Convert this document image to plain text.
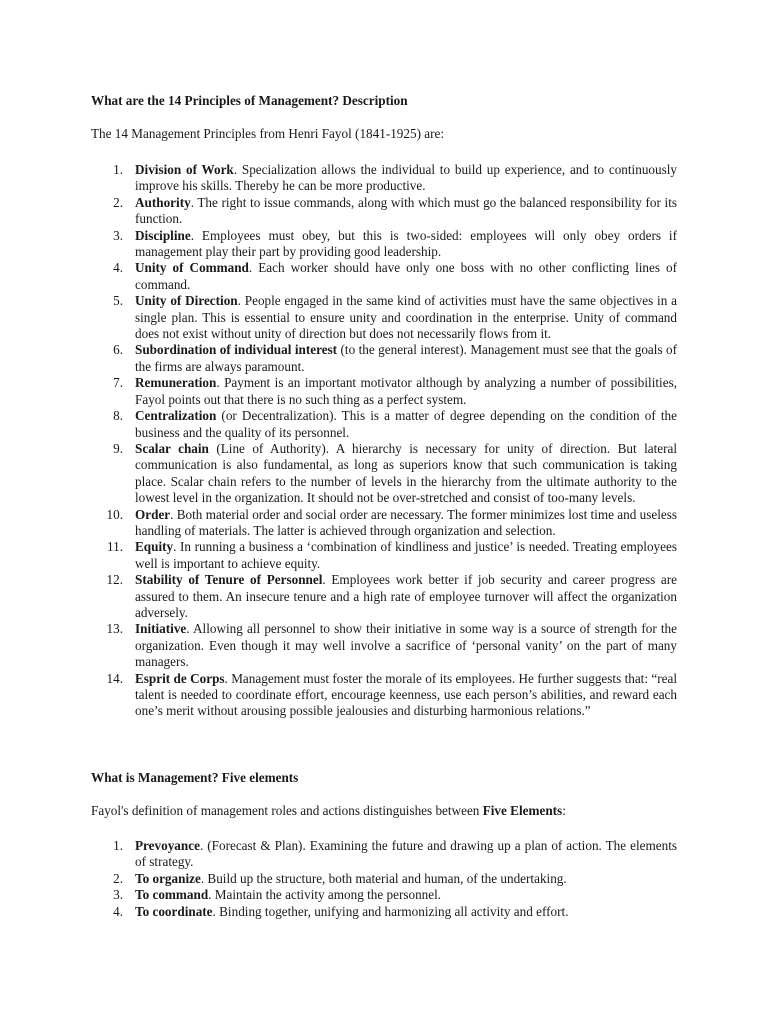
What are the 14 Principles of Management? Description

The 14 Management Principles from Henri Fayol (1841-1925) are:

1. Division of Work. Specialization allows the individual to build up experience, and to continuously improve his skills. Thereby he can be more productive.
2. Authority. The right to issue commands, along with which must go the balanced responsibility for its function.
3. Discipline. Employees must obey, but this is two-sided: employees will only obey orders if management play their part by providing good leadership.
4. Unity of Command. Each worker should have only one boss with no other conflicting lines of command.
5. Unity of Direction. People engaged in the same kind of activities must have the same objectives in a single plan. This is essential to ensure unity and coordination in the enterprise. Unity of command does not exist without unity of direction but does not necessarily flows from it.
6. Subordination of individual interest (to the general interest). Management must see that the goals of the firms are always paramount.
7. Remuneration. Payment is an important motivator although by analyzing a number of possibilities, Fayol points out that there is no such thing as a perfect system.
8. Centralization (or Decentralization). This is a matter of degree depending on the condition of the business and the quality of its personnel.
9. Scalar chain (Line of Authority). A hierarchy is necessary for unity of direction. But lateral communication is also fundamental, as long as superiors know that such communication is taking place. Scalar chain refers to the number of levels in the hierarchy from the ultimate authority to the lowest level in the organization. It should not be over-stretched and consist of too-many levels.
10. Order. Both material order and social order are necessary. The former minimizes lost time and useless handling of materials. The latter is achieved through organization and selection.
11. Equity. In running a business a ‘combination of kindliness and justice’ is needed. Treating employees well is important to achieve equity.
12. Stability of Tenure of Personnel. Employees work better if job security and career progress are assured to them. An insecure tenure and a high rate of employee turnover will affect the organization adversely.
13. Initiative. Allowing all personnel to show their initiative in some way is a source of strength for the organization. Even though it may well involve a sacrifice of ‘personal vanity’ on the part of many managers.
14. Esprit de Corps. Management must foster the morale of its employees. He further suggests that: “real talent is needed to coordinate effort, encourage keenness, use each person’s abilities, and reward each one’s merit without arousing possible jealousies and disturbing harmonious relations.”
What is Management? Five elements

Fayol's definition of management roles and actions distinguishes between Five Elements:

1. Prevoyance. (Forecast & Plan). Examining the future and drawing up a plan of action. The elements of strategy.
2. To organize. Build up the structure, both material and human, of the undertaking.
3. To command. Maintain the activity among the personnel.
4. To coordinate. Binding together, unifying and harmonizing all activity and effort.
